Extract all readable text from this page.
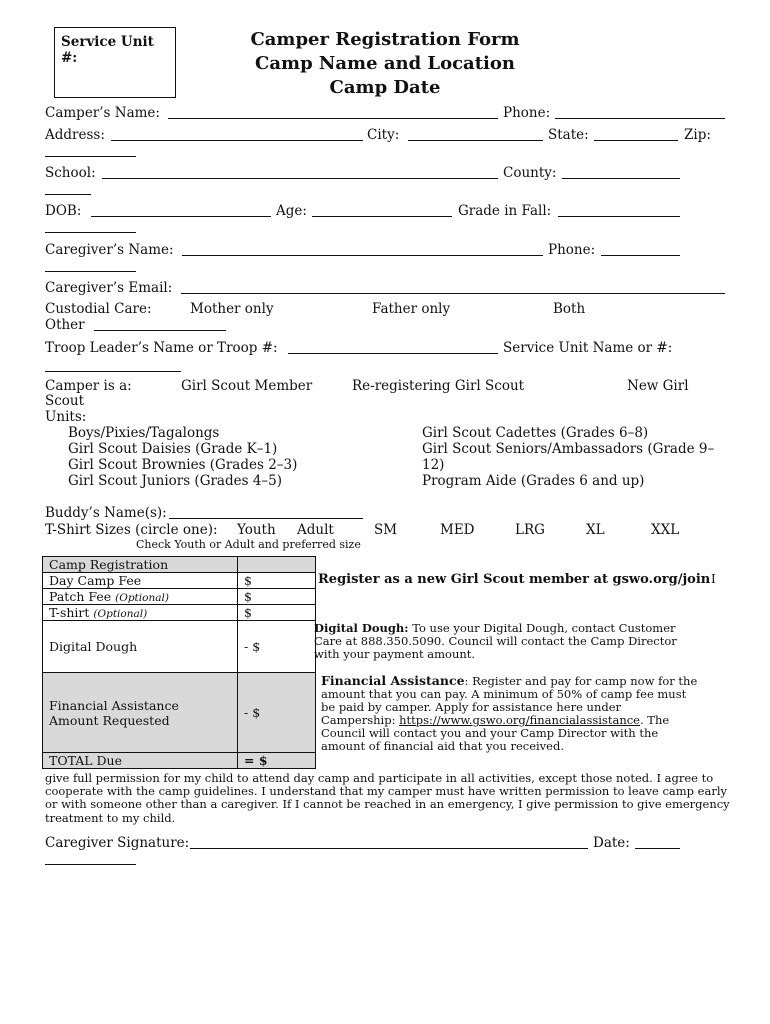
Service Unit
#:
Camper Registration Form
Camp Name and Location
Camp Date
Camper’s Name:	Phone:
Address:	City:	State:	Zip:
School:	County:
DOB:	Age:	Grade in Fall:
Caregiver’s Name:	Phone:
Caregiver’s Email:
Custodial Care:	Mother only	Father only	Both
Other
Troop Leader’s Name or Troop #:	Service Unit Name or #:
Camper is a:	Girl Scout Member	Re-registering Girl Scout	New Girl
Scout
Units:
Boys/Pixies/Tagalongs
Girl Scout Daisies (Grade K–1)
Girl Scout Brownies (Grades 2–3)
Girl Scout Juniors (Grades 4–5)
Girl Scout Cadettes (Grades 6–8)
Girl Scout Seniors/Ambassadors (Grade 9–
12)
Program Aide (Grades 6 and up)
Buddy’s Name(s):
T-Shirt Sizes (circle one): Youth Adult	SM	MED	LRG	XL	XXL
Check Youth or Adult and preferred size
Camp Registration	
Day Camp Fee	$
Patch Fee (Optional)	$
T-shirt (Optional)	$
Digital Dough	- $

Financial Assistance
Amount Requested	- $
TOTAL Due	= $
Register as a new Girl Scout member at gswo.org/join I
Digital Dough: To use your Digital Dough, contact Customer Care at 888.350.5090. Council will contact the Camp Director with your payment amount.
Financial Assistance: Register and pay for camp now for the amount that you can pay. A minimum of 50% of camp fee must be paid by camper. Apply for assistance here under Campership: https://www.gswo.org/financialassistance. The Council will contact you and your Camp Director with the amount of financial aid that you received.
give full permission for my child to attend day camp and participate in all activities, except those noted. I agree to cooperate with the camp guidelines. I understand that my camper must have written permission to leave camp early or with someone other than a caregiver. If I cannot be reached in an emergency, I give permission to give emergency treatment to my child.
Caregiver Signature:	Date:
